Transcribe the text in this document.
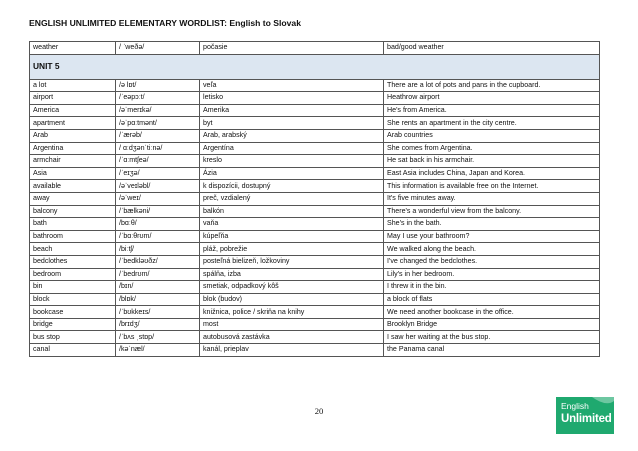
ENGLISH UNLIMITED ELEMENTARY WORDLIST: English to Slovak
weather	/ ˈweðə/	počasie	bad/good weather
UNIT 5			
a lot	/ə lɒt/	veľa	There are a lot of pots and pans in the cupboard.
airport	/ˈeəpɔːt/	letisko	Heathrow airport
America	/əˈmerɪkə/	Amerika	He's from America.
apartment	/əˈpɑːtmənt/	byt	She rents an apartment in the city centre.
Arab	/ˈærəb/	Arab, arabský	Arab countries
Argentina	/ ɑːdʒənˈtiːnə/	Argentína	She comes from Argentina.
armchair	/ˈɑːmtʃeə/	kreslo	He sat back in his armchair.
Asia	/ˈeɪʒə/	Ázia	East Asia includes China, Japan and Korea.
available	/əˈveɪləbl/	k dispozícii, dostupný	This information is available free on the Internet.
away	/əˈweɪ/	preč, vzdialený	It's five minutes away.
balcony	/ˈbælkəni/	balkón	There's a wonderful view from the balcony.
bath	/bɑːθ/	vaňa	She's in the bath.
bathroom	/ˈbɑːθrʊm/	kúpeľňa	May I use your bathroom?
beach	/biːtʃ/	pláž, pobrežie	We walked along the beach.
bedclothes	/ˈbedkləʊðz/	posteľná bielizeň, ložkoviny	I've changed the bedclothes.
bedroom	/ˈbedrʊm/	spálňa, izba	Lily's in her bedroom.
bin	/bɪn/	smetiak, odpadkový kôš	I threw it in the bin.
block	/blɒk/	blok (budov)	a block of flats
bookcase	/ˈbʊkkeɪs/	knižnica, police / skriňa na knihy	We need another bookcase in the office.
bridge	/brɪdʒ/	most	Brooklyn Bridge
bus stop	/ˈbʌs ˌstɒp/	autobusová zastávka	I saw her waiting at the bus stop.
canal	/kəˈnæl/	kanál, prieplav	the Panama canal
20	English
Unlimited
